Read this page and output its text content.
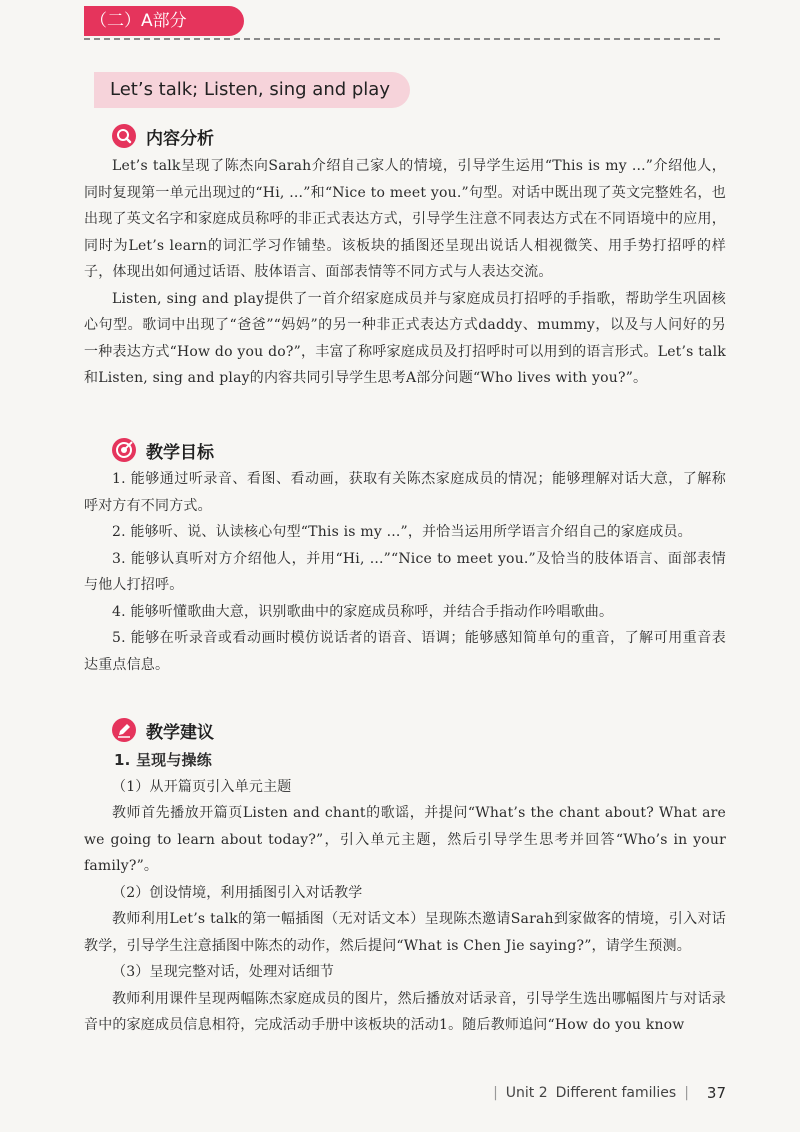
（二）A部分
Let’s talk; Listen, sing and play
内容分析

Let’s talk呈现了陈杰向Sarah介绍自己家人的情境，引导学生运用“This is my ...”介绍他人，同时复现第一单元出现过的“Hi, ...”和“Nice to meet you.”句型。对话中既出现了英文完整姓名，也出现了英文名字和家庭成员称呼的非正式表达方式，引导学生注意不同表达方式在不同语境中的应用，同时为Let’s learn的词汇学习作铺垫。该板块的插图还呈现出说话人相视微笑、用手势打招呼的样子，体现出如何通过话语、肢体语言、面部表情等不同方式与人表达交流。

Listen, sing and play提供了一首介绍家庭成员并与家庭成员打招呼的手指歌，帮助学生巩固核心句型。歌词中出现了“爸爸”“妈妈”的另一种非正式表达方式daddy、mummy，以及与人问好的另一种表达方式“How do you do?”，丰富了称呼家庭成员及打招呼时可以用到的语言形式。Let’s talk和Listen, sing and play的内容共同引导学生思考A部分问题“Who lives with you?”。

教学目标

1. 能够通过听录音、看图、看动画，获取有关陈杰家庭成员的情况；能够理解对话大意，了解称呼对方有不同方式。

2. 能够听、说、认读核心句型“This is my ...”，并恰当运用所学语言介绍自己的家庭成员。

3. 能够认真听对方介绍他人，并用“Hi, ...”“Nice to meet you.”及恰当的肢体语言、面部表情与他人打招呼。

4. 能够听懂歌曲大意，识别歌曲中的家庭成员称呼，并结合手指动作吟唱歌曲。

5. 能够在听录音或看动画时模仿说话者的语音、语调；能够感知简单句的重音，了解可用重音表达重点信息。

教学建议

1. 呈现与操练

（1）从开篇页引入单元主题

教师首先播放开篇页Listen and chant的歌谣，并提问“What’s the chant about? What are we going to learn about today?”，引入单元主题，然后引导学生思考并回答“Who’s in your family?”。

（2）创设情境，利用插图引入对话教学

教师利用Let’s talk的第一幅插图（无对话文本）呈现陈杰邀请Sarah到家做客的情境，引入对话教学，引导学生注意插图中陈杰的动作，然后提问“What is Chen Jie saying?”，请学生预测。

（3）呈现完整对话，处理对话细节

教师利用课件呈现两幅陈杰家庭成员的图片，然后播放对话录音，引导学生选出哪幅图片与对话录音中的家庭成员信息相符，完成活动手册中该板块的活动1。随后教师追问“How do you know

| Unit 2 Different families | 37
